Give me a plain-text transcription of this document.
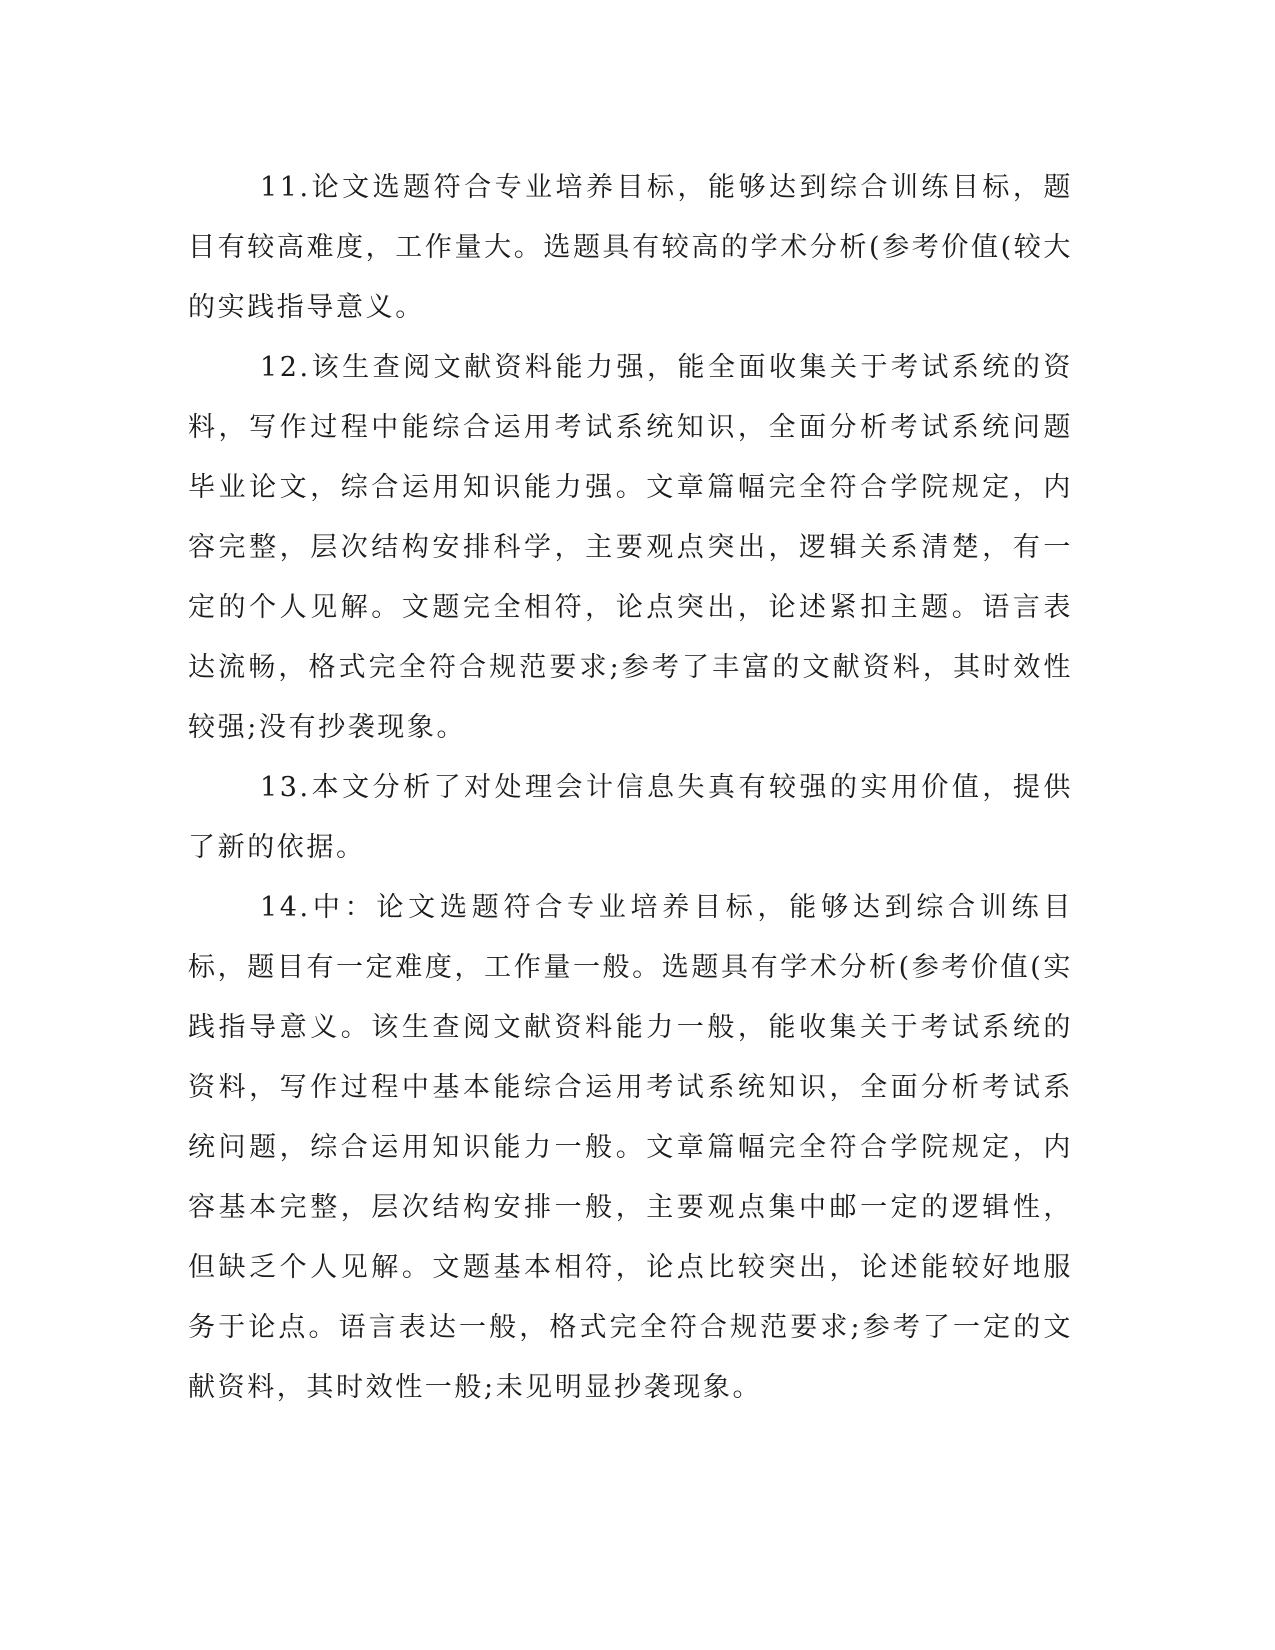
11.论文选题符合专业培养目标，能够达到综合训练目标，题目有较高难度，工作量大。选题具有较高的学术分析(参考价值(较大的实践指导意义。

12.该生查阅文献资料能力强，能全面收集关于考试系统的资料，写作过程中能综合运用考试系统知识，全面分析考试系统问题毕业论文，综合运用知识能力强。文章篇幅完全符合学院规定，内容完整，层次结构安排科学，主要观点突出，逻辑关系清楚，有一定的个人见解。文题完全相符，论点突出，论述紧扣主题。语言表达流畅，格式完全符合规范要求;参考了丰富的文献资料，其时效性较强;没有抄袭现象。

13.本文分析了对处理会计信息失真有较强的实用价值，提供了新的依据。

14.中：论文选题符合专业培养目标，能够达到综合训练目标，题目有一定难度，工作量一般。选题具有学术分析(参考价值(实践指导意义。该生查阅文献资料能力一般，能收集关于考试系统的资料，写作过程中基本能综合运用考试系统知识，全面分析考试系统问题，综合运用知识能力一般。文章篇幅完全符合学院规定，内容基本完整，层次结构安排一般，主要观点集中邮一定的逻辑性，但缺乏个人见解。文题基本相符，论点比较突出，论述能较好地服务于论点。语言表达一般，格式完全符合规范要求;参考了一定的文献资料，其时效性一般;未见明显抄袭现象。
